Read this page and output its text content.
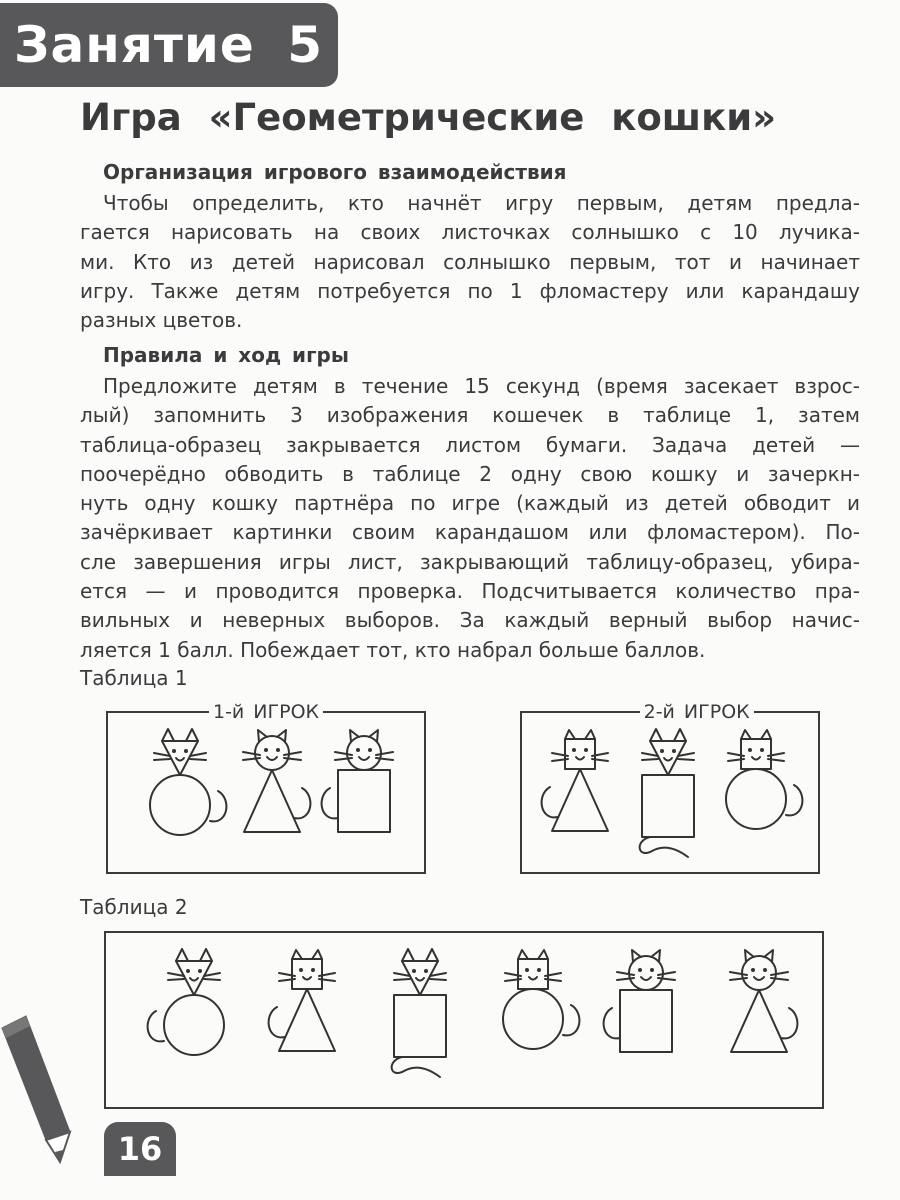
Занятие 5
Игра «Геометрические кошки»
Организация игрового взаимодействия
Чтобы определить, кто начнёт игру первым, детям предла-
гается нарисовать на своих листочках солнышко с 10 лучика-
ми. Кто из детей нарисовал солнышко первым, тот и начинает
игру. Также детям потребуется по 1 фломастеру или карандашу
разных цветов.
Правила и ход игры
Предложите детям в течение 15 секунд (время засекает взрос-
лый) запомнить 3 изображения кошечек в таблице 1, затем
таблица-образец закрывается листом бумаги. Задача детей —
поочерёдно обводить в таблице 2 одну свою кошку и зачеркн-
нуть одну кошку партнёра по игре (каждый из детей обводит и
зачёркивает картинки своим карандашом или фломастером). По-
сле завершения игры лист, закрывающий таблицу-образец, убира-
ется — и проводится проверка. Подсчитывается количество пра-
вильных и неверных выборов. За каждый верный выбор начис-
ляется 1 балл. Побеждает тот, кто набрал больше баллов.
Таблица 1
1-й ИГРОК	2-й ИГРОК
Таблица 2
16
